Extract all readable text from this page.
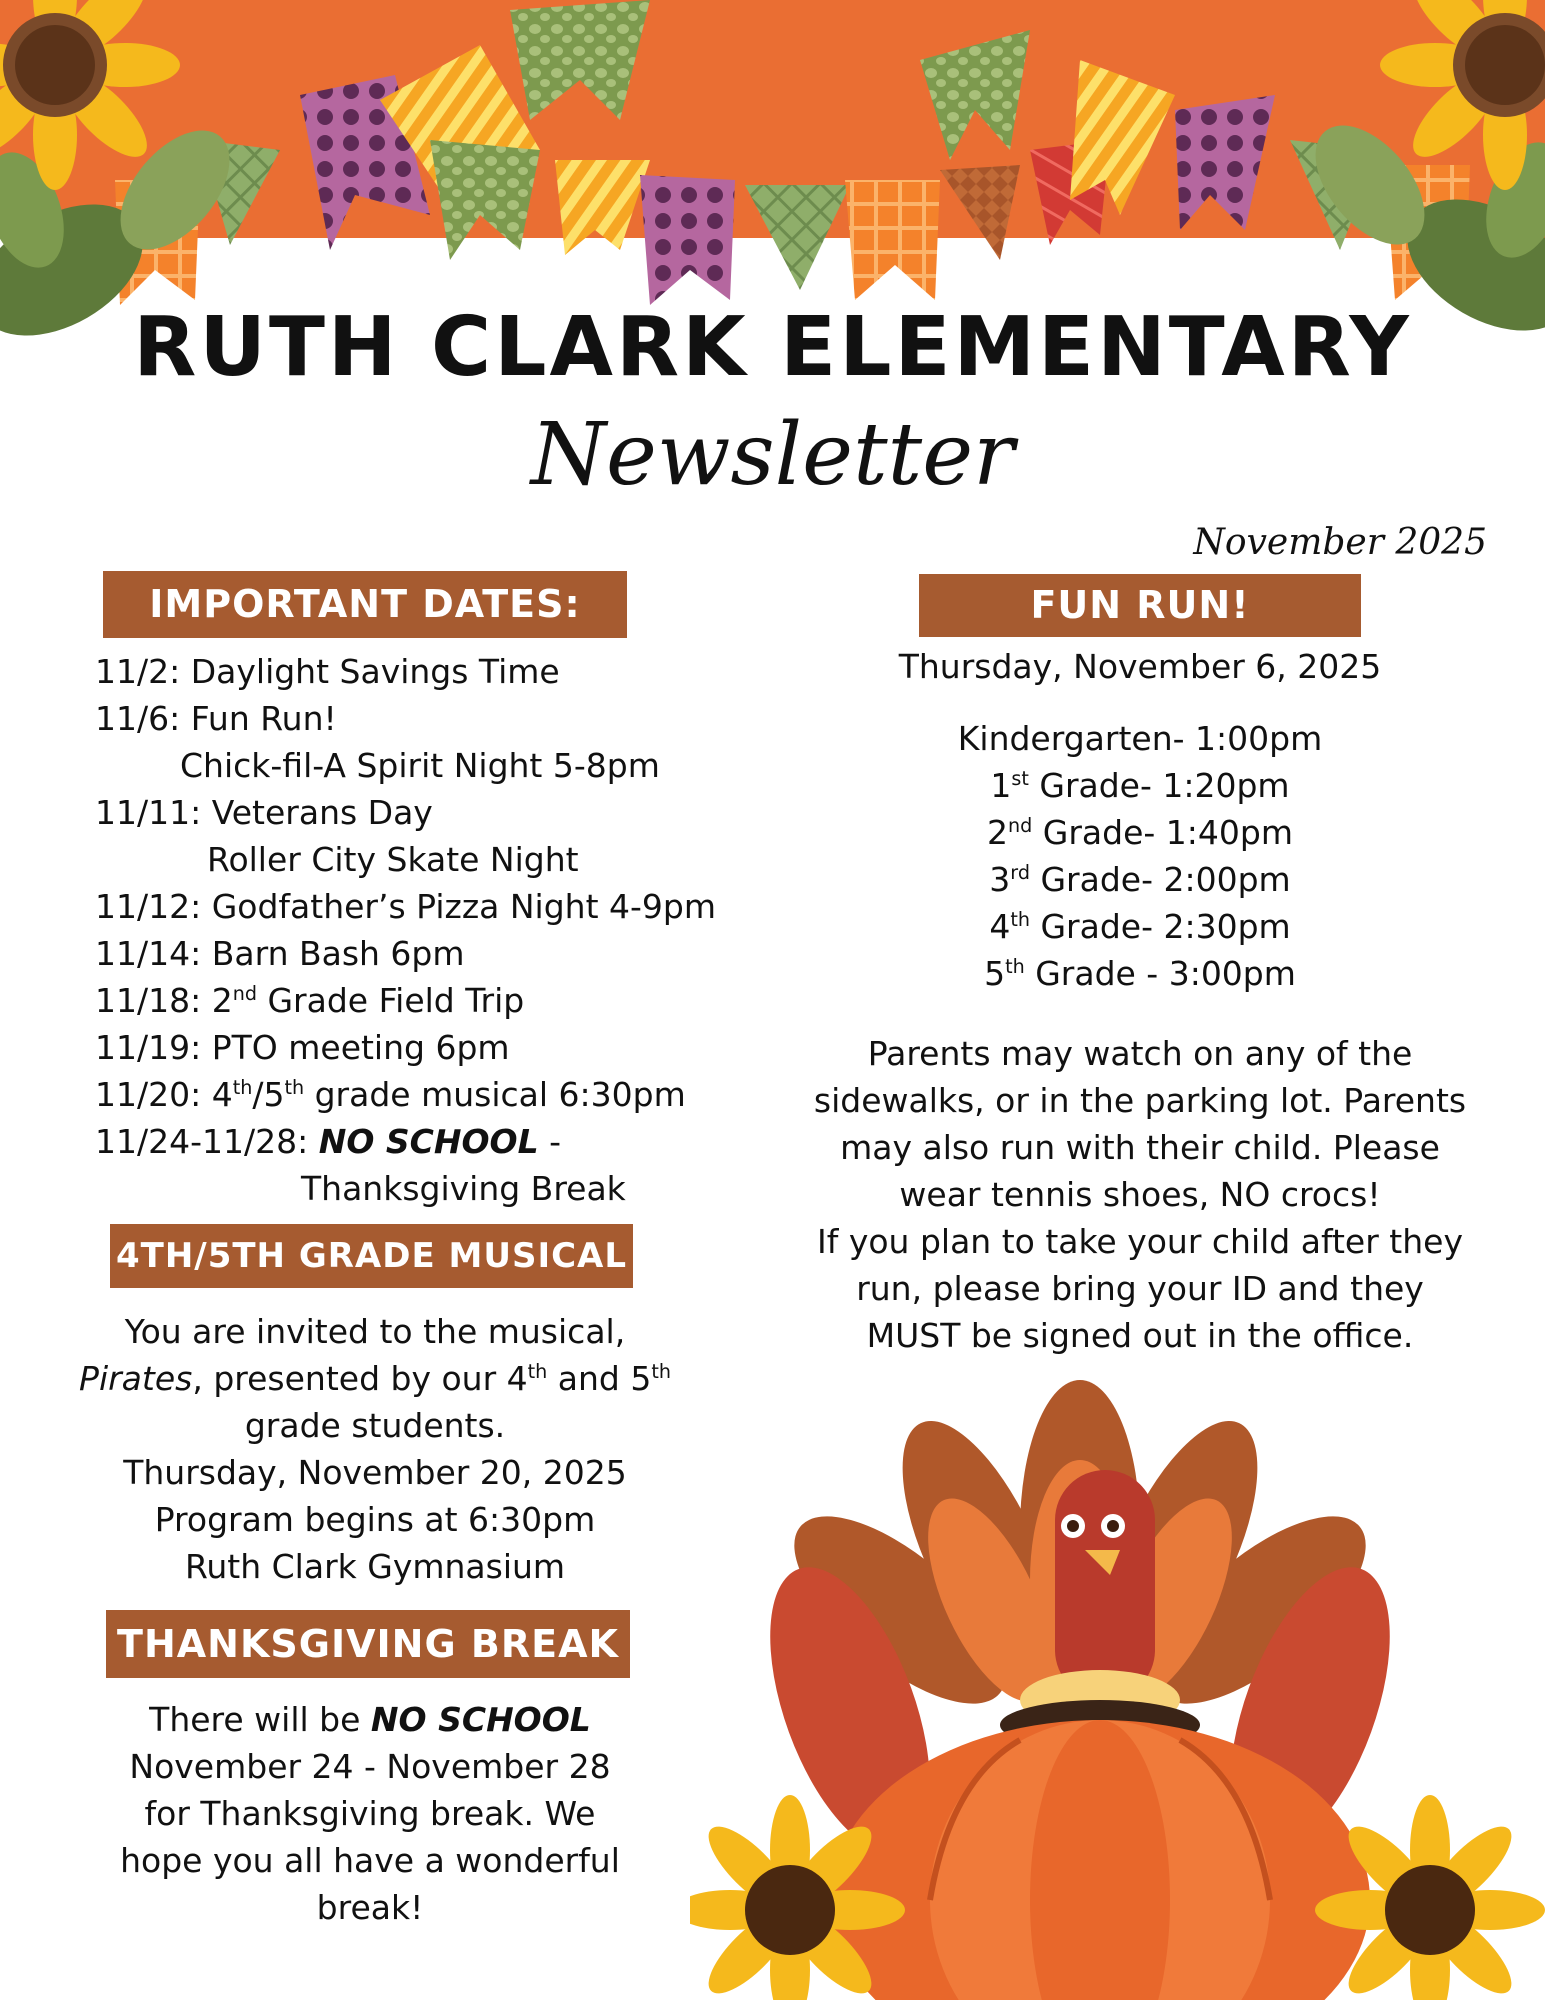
RUTH CLARK ELEMENTARY
Newsletter
November 2025
IMPORTANT DATES:
11/2: Daylight Savings Time
11/6: Fun Run!
Chick-fil-A Spirit Night 5-8pm
11/11: Veterans Day
Roller City Skate Night
11/12: Godfather’s Pizza Night 4-9pm
11/14: Barn Bash 6pm
11/18: 2nd Grade Field Trip
11/19: PTO meeting 6pm
11/20: 4th/5th grade musical 6:30pm
11/24-11/28: NO SCHOOL -
Thanksgiving Break
4TH/5TH GRADE MUSICAL
You are invited to the musical,
Pirates, presented by our 4th and 5th
grade students.
Thursday, November 20, 2025
Program begins at 6:30pm
Ruth Clark Gymnasium
THANKSGIVING BREAK
There will be NO SCHOOL
November 24 - November 28
for Thanksgiving break. We
hope you all have a wonderful
break!
FUN RUN!
Thursday, November 6, 2025
Kindergarten- 1:00pm
1st Grade- 1:20pm
2nd Grade- 1:40pm
3rd Grade- 2:00pm
4th Grade- 2:30pm
5th Grade - 3:00pm
Parents may watch on any of the
sidewalks, or in the parking lot. Parents
may also run with their child. Please
wear tennis shoes, NO crocs!
If you plan to take your child after they
run, please bring your ID and they
MUST be signed out in the office.
